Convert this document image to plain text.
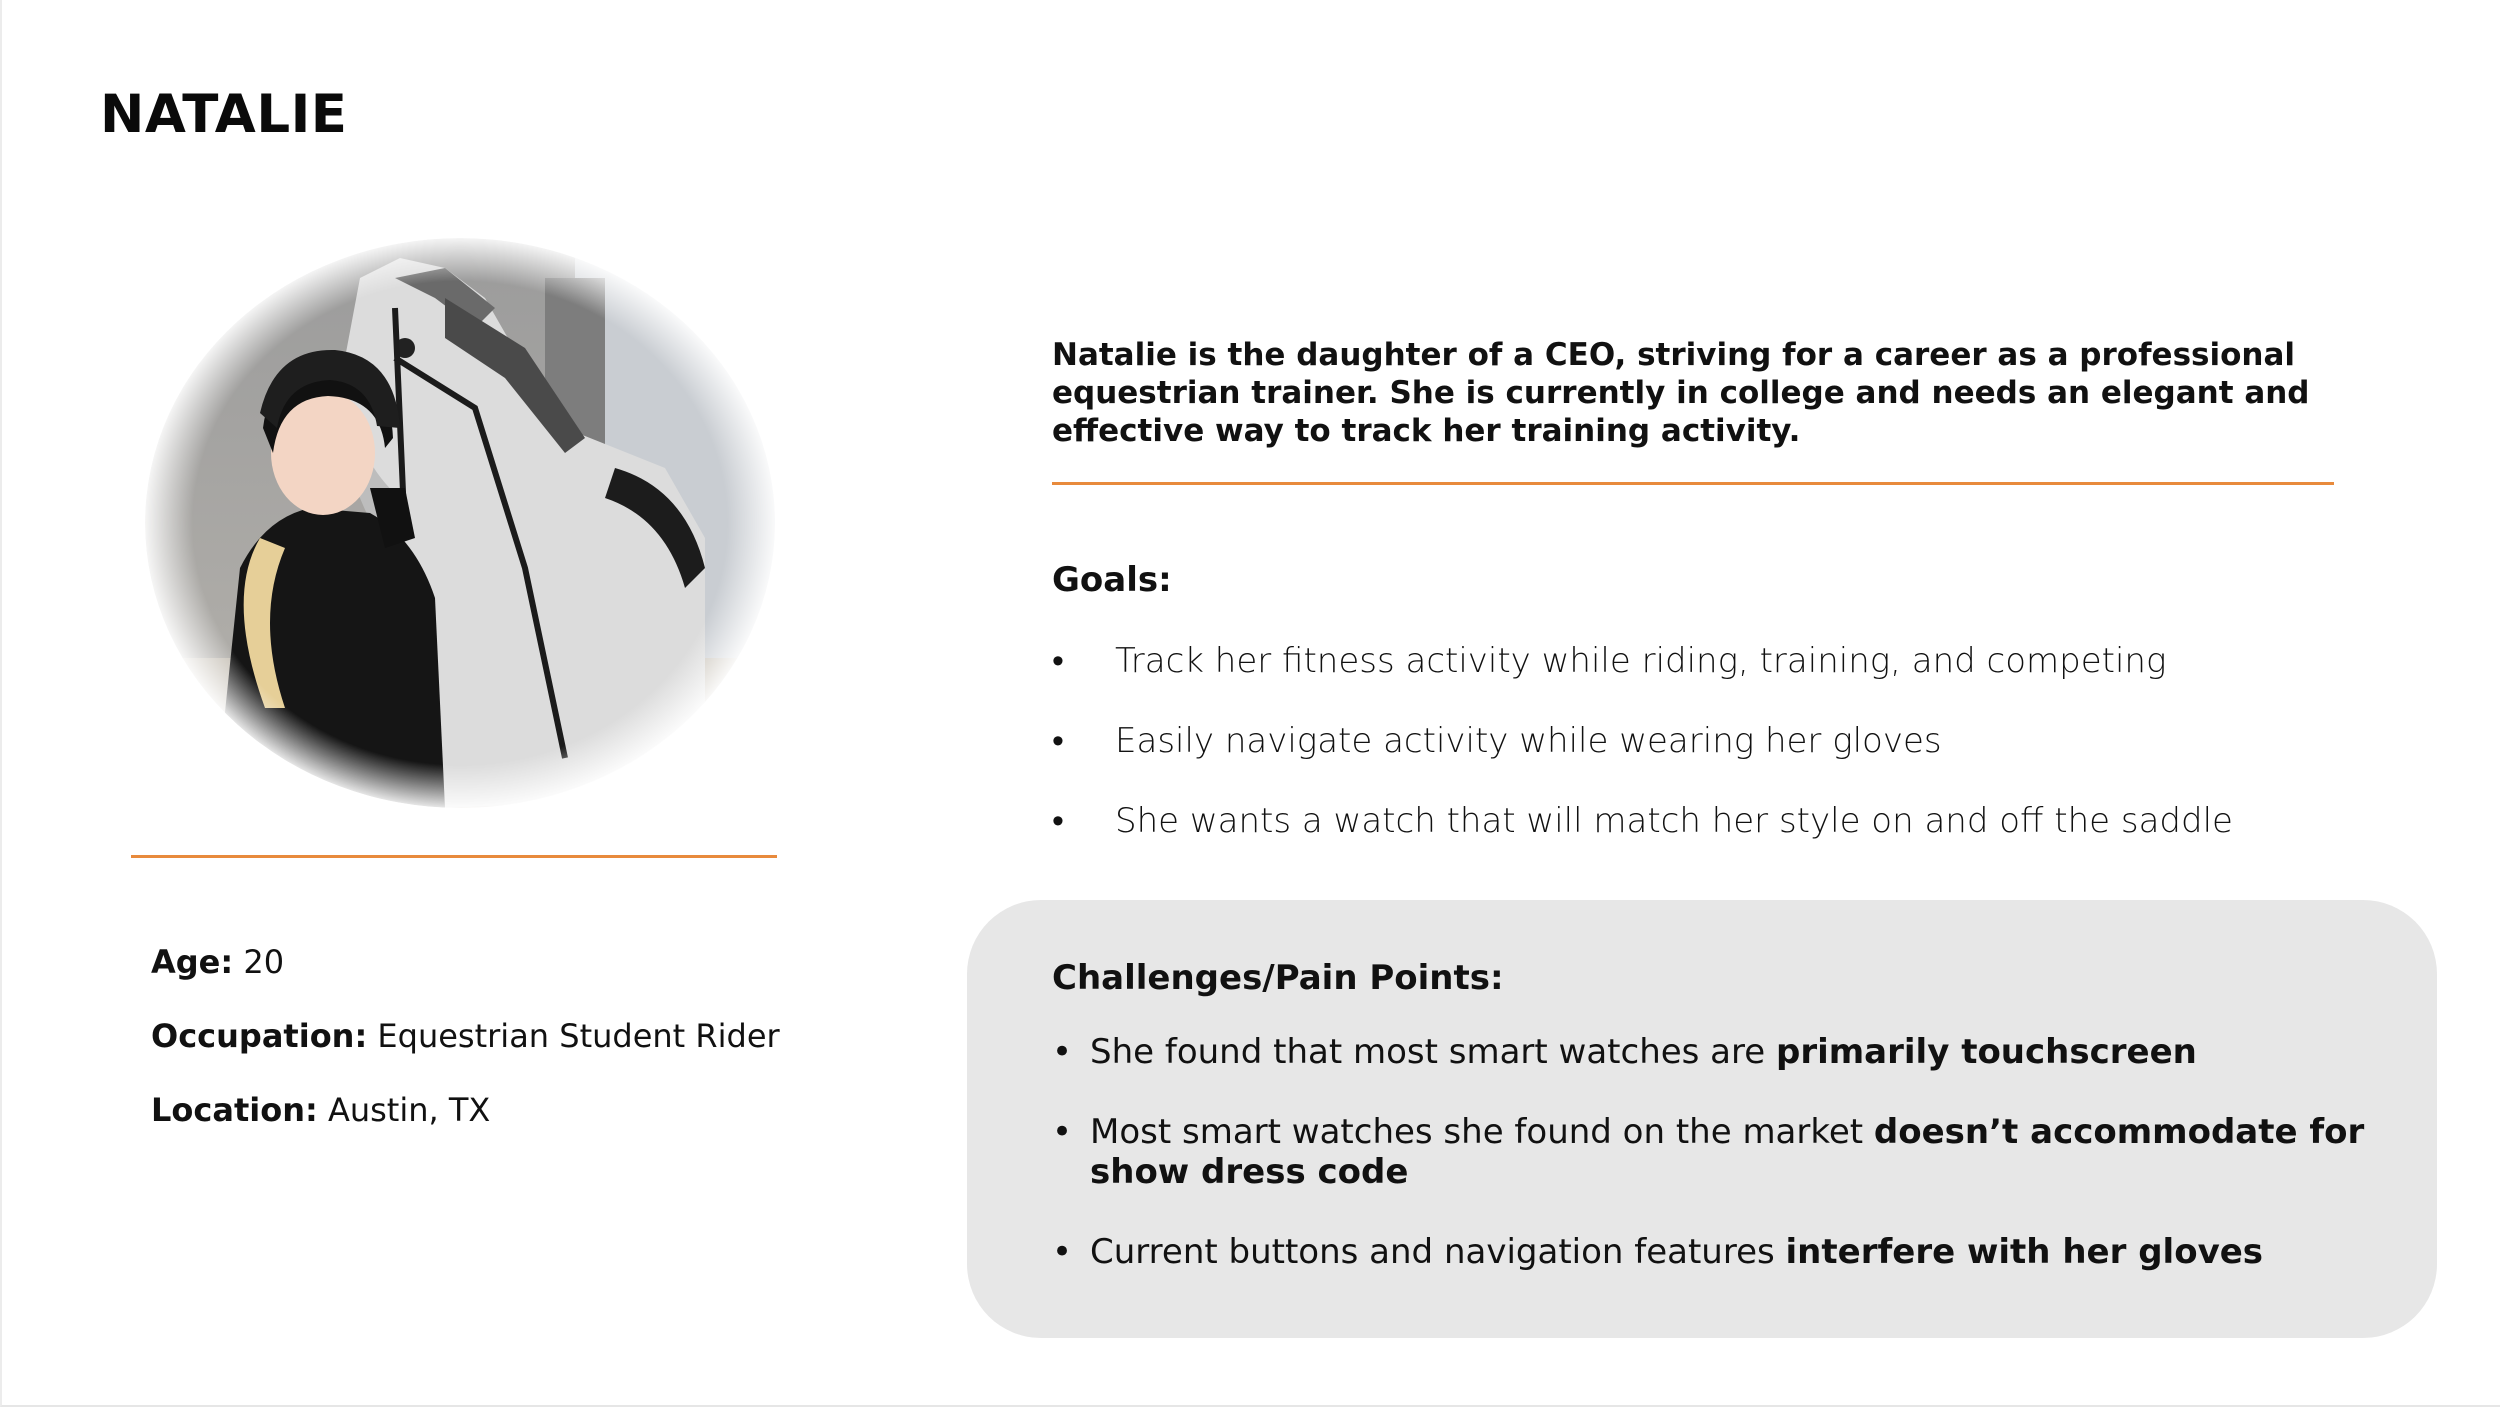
NATALIE
Age: 20
Occupation: Equestrian Student Rider
Location: Austin, TX

Natalie is the daughter of a CEO, striving for a career as a professional equestrian trainer. She is currently in college and needs an elegant and effective way to track her training activity.

Goals:
• Track her fitness activity while riding, training, and competing
• Easily navigate activity while wearing her gloves
• She wants a watch that will match her style on and off the saddle
Challenges/Pain Points:
• She found that most smart watches are primarily touchscreen
• Most smart watches she found on the market doesn’t accommodate for show dress code
• Current buttons and navigation features interfere with her gloves
